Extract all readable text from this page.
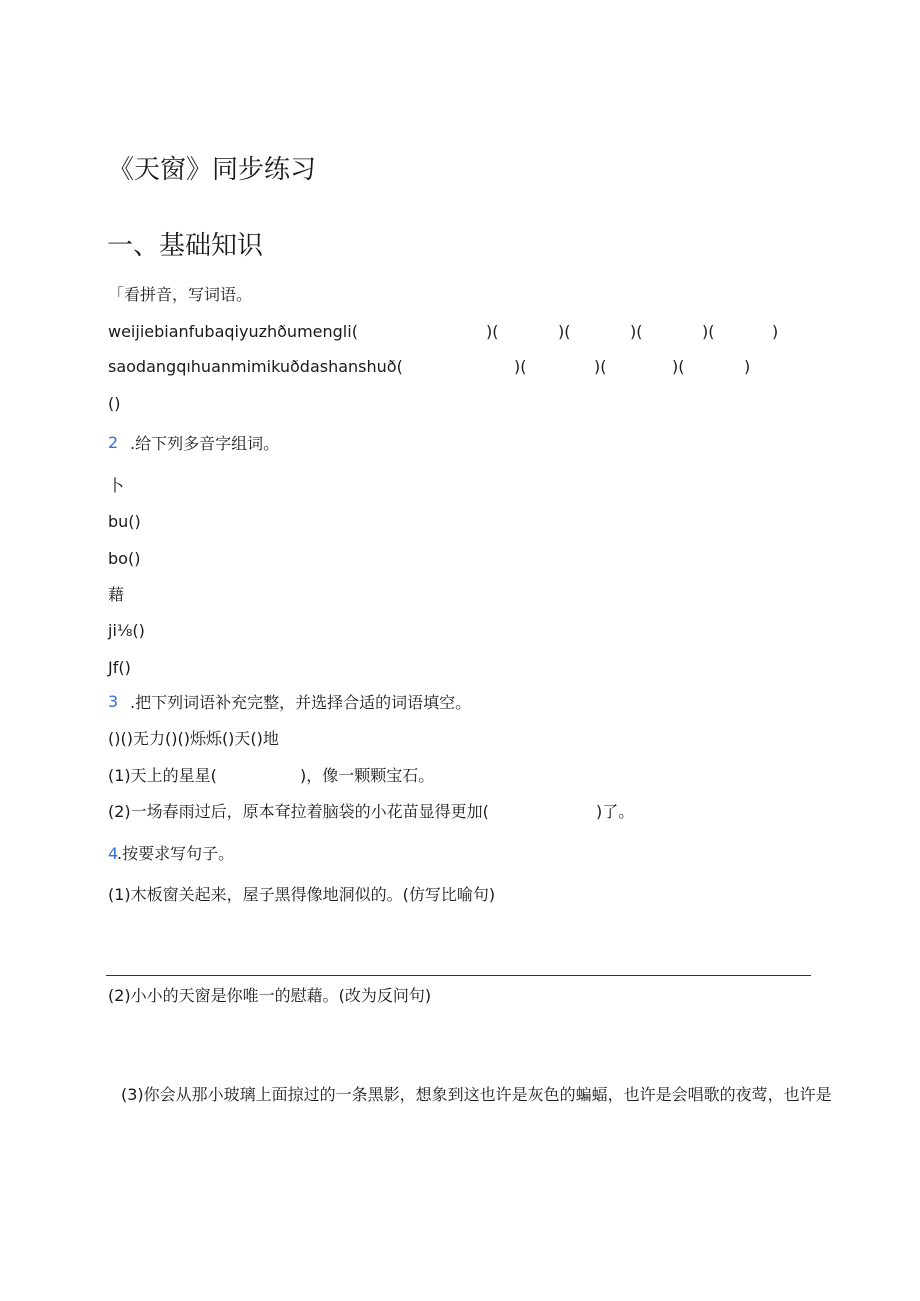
《天窗》同步练习
一、基础知识
「看拼音，写词语。
weijiebianfubaqiyuzhðumengli(	)(	)(	)(	)(	)
saodangqıhuanmimikuðdashanshuð(	)(	)(	)(	)
()
2 .给下列多音字组词。
卜
bu()
bo()
藉
ji⅛()
Jf()
3 .把下列词语补充完整，并选择合适的词语填空。
()()无力()()烁烁()天()地
(1)天上的星星(	)，像一颗颗宝石。
(2)一场春雨过后，原本耷拉着脑袋的小花苗显得更加(	)了。
4
.按要求写句子。
(1)木板窗关起来，屋子黑得像地洞似的。(仿写比喻句)
(2)小小的天窗是你唯一的慰藉。(改为反问句)
(3)你会从那小玻璃上面掠过的一条黑影，想象到这也许是灰色的蝙蝠，也许是会唱歌的夜莺，也许是
